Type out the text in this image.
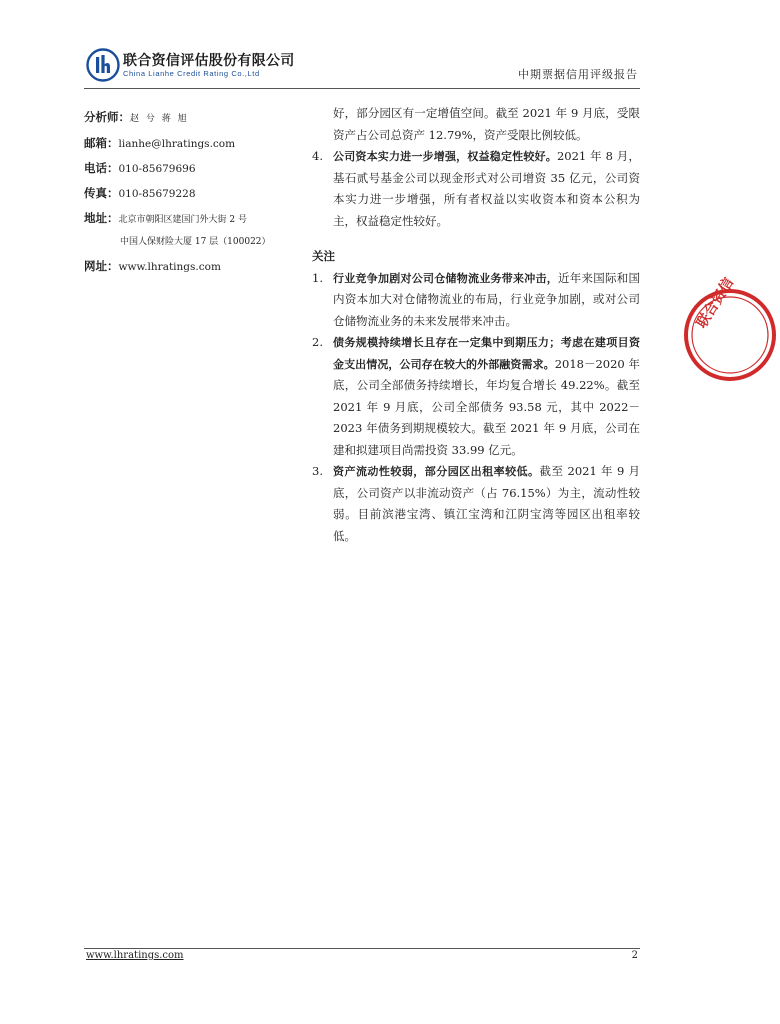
联合资信评估股份有限公司
China Lianhe Credit Rating Co.,Ltd	中期票据信用评级报告
分析师： 赵 兮 蒋 旭
邮箱： lianhe@lhratings.com
电话： 010-85679696
传真： 010-85679228
地址： 北京市朝阳区建国门外大街 2 号
中国人保财险大厦 17 层（100022）
网址： www.lhratings.com
好，部分园区有一定增值空间。截至 2021 年 9 月底，受限资产占公司总资产 12.79%，资产受限比例较低。
4. 公司资本实力进一步增强，权益稳定性较好。2021 年 8 月，基石贰号基金公司以现金形式对公司增资 35 亿元，公司资本实力进一步增强，所有者权益以实收资本和资本公积为主，权益稳定性较好。
关注
1. 行业竞争加剧对公司仓储物流业务带来冲击，近年来国际和国内资本加大对仓储物流业的布局，行业竞争加剧，或对公司仓储物流业务的未来发展带来冲击。
2. 债务规模持续增长且存在一定集中到期压力；考虑在建项目资金支出情况，公司存在较大的外部融资需求。2018－2020 年底，公司全部债务持续增长，年均复合增长 49.22%。截至 2021 年 9 月底，公司全部债务 93.58 元，其中 2022－2023 年债务到期规模较大。截至 2021 年 9 月底，公司在建和拟建项目尚需投资 33.99 亿元。
3. 资产流动性较弱，部分园区出租率较低。截至 2021 年 9 月底，公司资产以非流动资产（占 76.15%）为主，流动性较弱。目前滨港宝湾、镇江宝湾和江阴宝湾等园区出租率较低。
联合资信
www.lhratings.com	2
